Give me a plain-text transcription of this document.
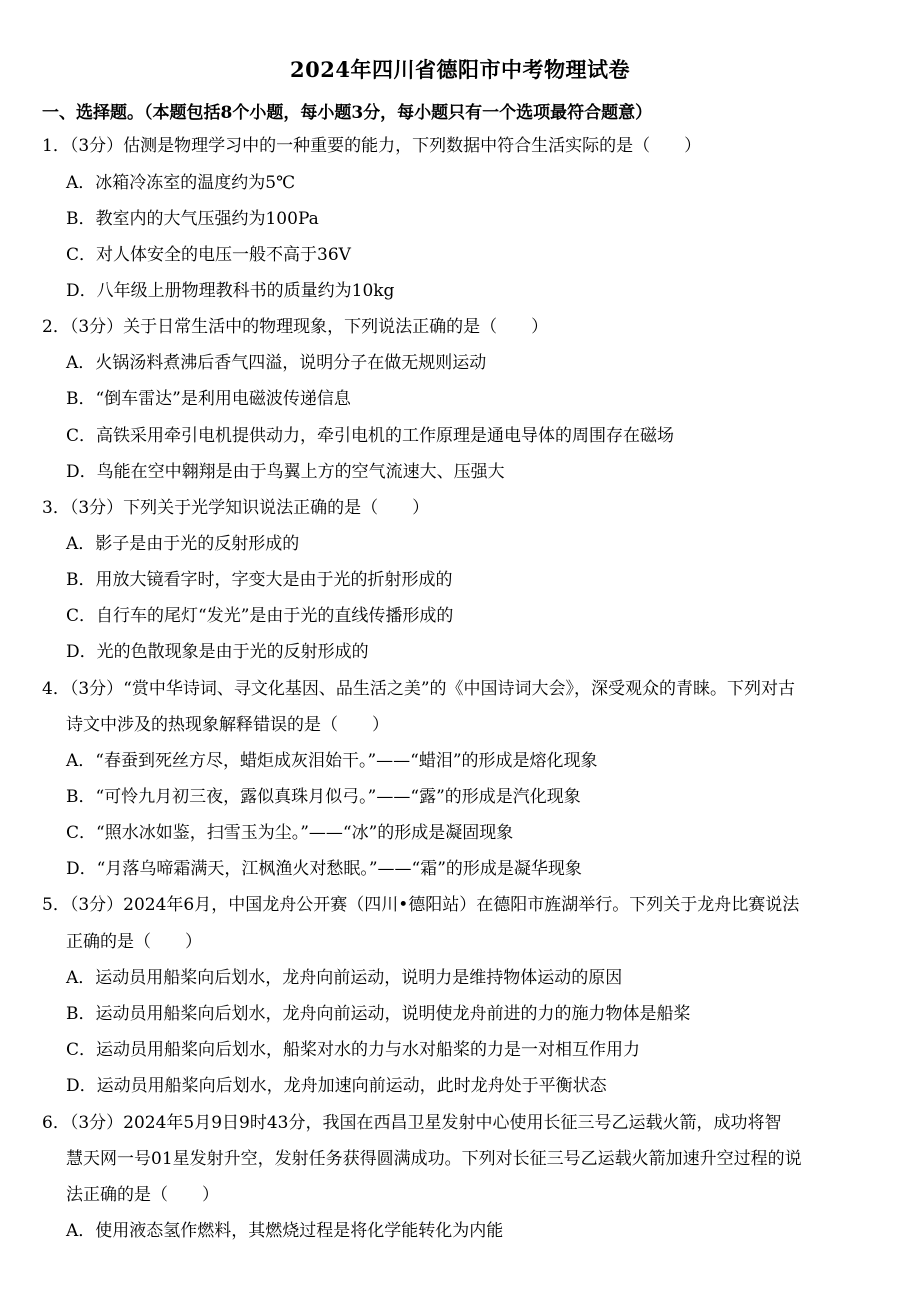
2024年四川省德阳市中考物理试卷
一、选择题。（本题包括8个小题，每小题3分，每小题只有一个选项最符合题意）
1．（3分）估测是物理学习中的一种重要的能力，下列数据中符合生活实际的是（　　）
A．冰箱冷冻室的温度约为5℃
B．教室内的大气压强约为100Pa
C．对人体安全的电压一般不高于36V
D．八年级上册物理教科书的质量约为10kg
2．（3分）关于日常生活中的物理现象，下列说法正确的是（　　）
A．火锅汤料煮沸后香气四溢，说明分子在做无规则运动
B．“倒车雷达”是利用电磁波传递信息
C．高铁采用牵引电机提供动力，牵引电机的工作原理是通电导体的周围存在磁场
D．鸟能在空中翱翔是由于鸟翼上方的空气流速大、压强大
3．（3分）下列关于光学知识说法正确的是（　　）
A．影子是由于光的反射形成的
B．用放大镜看字时，字变大是由于光的折射形成的
C．自行车的尾灯“发光”是由于光的直线传播形成的
D．光的色散现象是由于光的反射形成的
4．（3分）“赏中华诗词、寻文化基因、品生活之美”的《中国诗词大会》，深受观众的青睐。下列对古
诗文中涉及的热现象解释错误的是（　　）
A．“春蚕到死丝方尽，蜡炬成灰泪始干。”——“蜡泪”的形成是熔化现象
B．“可怜九月初三夜，露似真珠月似弓。”——“露”的形成是汽化现象
C．“照水冰如鉴，扫雪玉为尘。”——“冰”的形成是凝固现象
D．“月落乌啼霜满天，江枫渔火对愁眠。”——“霜”的形成是凝华现象
5．（3分）2024年6月，中国龙舟公开赛（四川•德阳站）在德阳市旌湖举行。下列关于龙舟比赛说法
正确的是（　　）
A．运动员用船桨向后划水，龙舟向前运动，说明力是维持物体运动的原因
B．运动员用船桨向后划水，龙舟向前运动，说明使龙舟前进的力的施力物体是船桨
C．运动员用船桨向后划水，船桨对水的力与水对船桨的力是一对相互作用力
D．运动员用船桨向后划水，龙舟加速向前运动，此时龙舟处于平衡状态
6．（3分）2024年5月9日9时43分，我国在西昌卫星发射中心使用长征三号乙运载火箭，成功将智
慧天网一号01星发射升空，发射任务获得圆满成功。下列对长征三号乙运载火箭加速升空过程的说
法正确的是（　　）
A．使用液态氢作燃料，其燃烧过程是将化学能转化为内能
